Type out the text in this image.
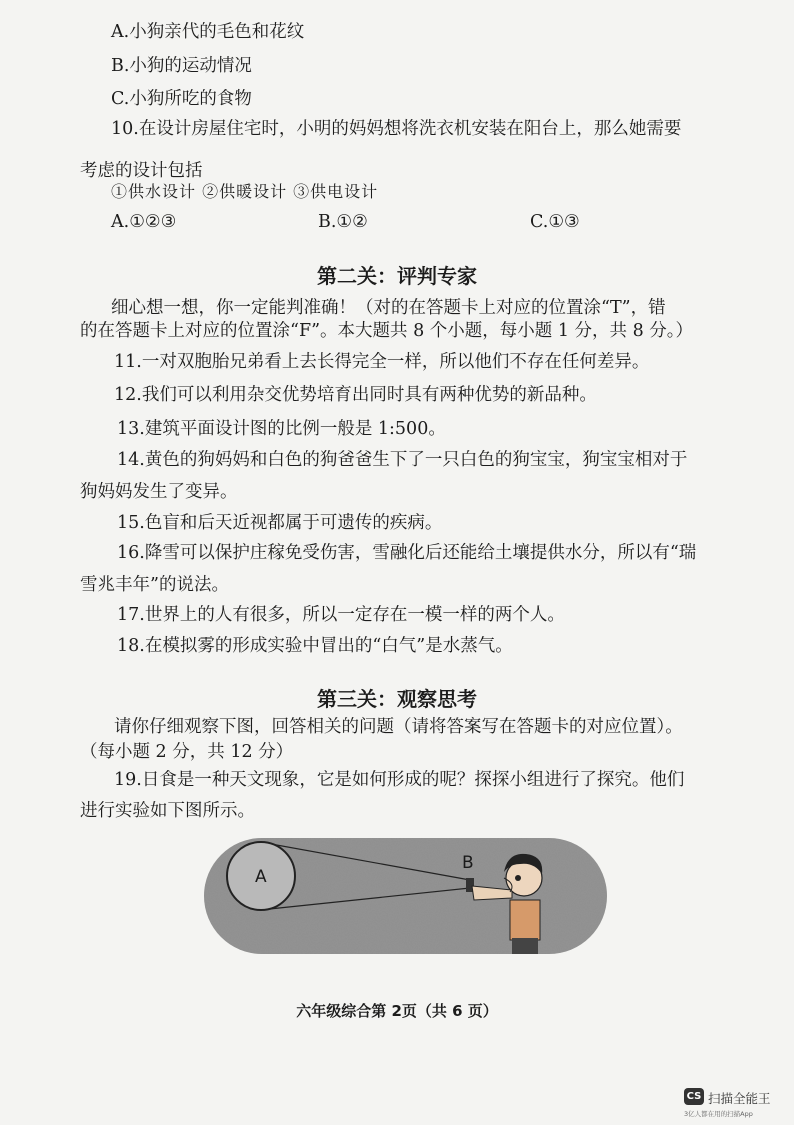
A.小狗亲代的毛色和花纹
B.小狗的运动情况
C.小狗所吃的食物
10.在设计房屋住宅时，小明的妈妈想将洗衣机安装在阳台上，那么她需要
考虑的设计包括
①供水设计 ②供暖设计 ③供电设计
A.①②③	B.①②	C.①③
第二关：评判专家
细心想一想，你一定能判准确！（对的在答题卡上对应的位置涂“T”，错
的在答题卡上对应的位置涂“F”。本大题共 8 个小题，每小题 1 分，共 8 分。）
11.一对双胞胎兄弟看上去长得完全一样，所以他们不存在任何差异。
12.我们可以利用杂交优势培育出同时具有两种优势的新品种。
13.建筑平面设计图的比例一般是 1:500。
14.黄色的狗妈妈和白色的狗爸爸生下了一只白色的狗宝宝，狗宝宝相对于
狗妈妈发生了变异。
15.色盲和后天近视都属于可遗传的疾病。
16.降雪可以保护庄稼免受伤害，雪融化后还能给土壤提供水分，所以有“瑞
雪兆丰年”的说法。
17.世界上的人有很多，所以一定存在一模一样的两个人。
18.在模拟雾的形成实验中冒出的“白气”是水蒸气。
第三关：观察思考
请你仔细观察下图，回答相关的问题（请将答案写在答题卡的对应位置）。
（每小题 2 分，共 12 分）
19.日食是一种天文现象，它是如何形成的呢？探探小组进行了探究。他们
进行实验如下图所示。
A
B
六年级综合第 2页（共 6 页）
CS 扫描全能王
3亿人都在用的扫描App
